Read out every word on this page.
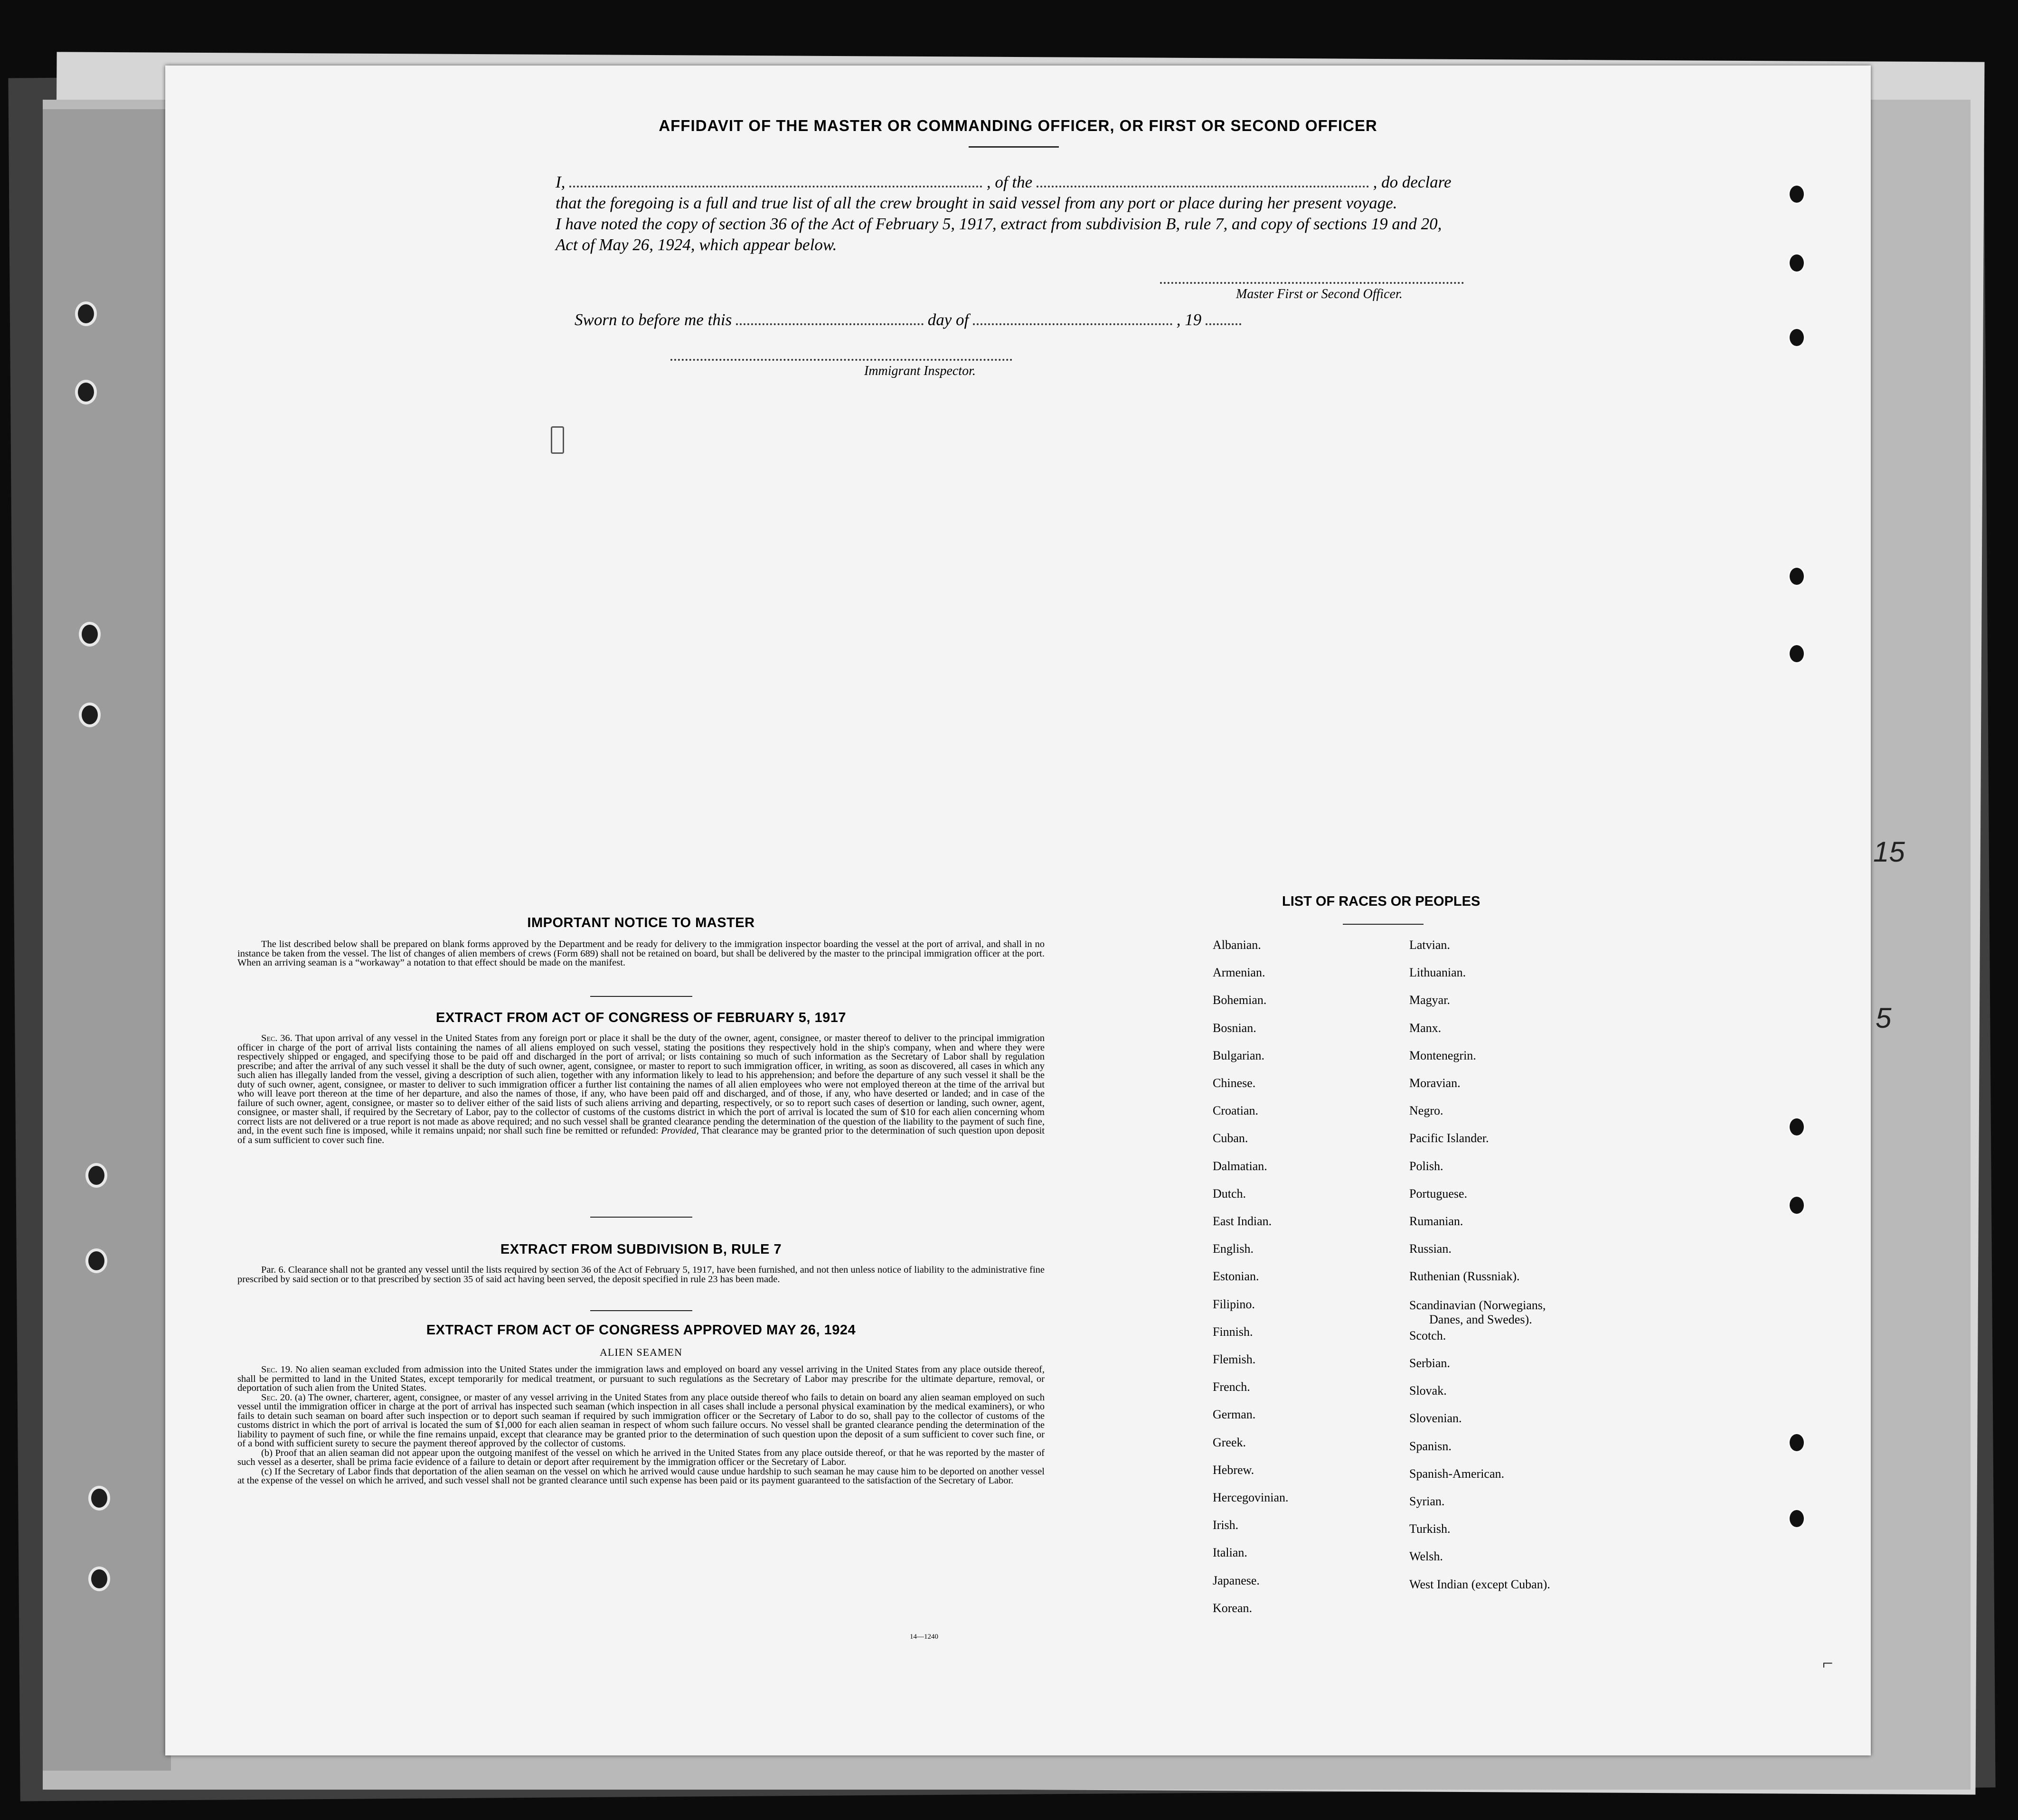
15
5
AFFIDAVIT OF THE MASTER OR COMMANDING OFFICER, OR FIRST OR SECOND OFFICER
I,	, of the	, do declare
that the foregoing is a full and true list of all the crew brought in said vessel from any port or place during her present voyage.
I have noted the copy of section 36 of the Act of February 5, 1917, extract from subdivision B, rule 7, and copy of sections 19 and 20,
Act of May 26, 1924, which appear below.
Master First or Second Officer.
Sworn to before me this	day of	, 19
Immigrant Inspector.
IMPORTANT NOTICE TO MASTER
The list described below shall be prepared on blank forms approved by the Department and be ready for delivery to the immigration inspector boarding the vessel at the port of arrival, and shall in no instance be taken from the vessel. The list of changes of alien members of crews (Form 689) shall not be retained on board, but shall be delivered by the master to the principal immigration officer at the port. When an arriving seaman is a “workaway” a notation to that effect should be made on the manifest.
EXTRACT FROM ACT OF CONGRESS OF FEBRUARY 5, 1917
Sec. 36. That upon arrival of any vessel in the United States from any foreign port or place it shall be the duty of the owner, agent, consignee, or master thereof to deliver to the principal immigration officer in charge of the port of arrival lists containing the names of all aliens employed on such vessel, stating the positions they respectively hold in the ship's company, when and where they were respectively shipped or engaged, and specifying those to be paid off and discharged in the port of arrival; or lists containing so much of such information as the Secretary of Labor shall by regulation prescribe; and after the arrival of any such vessel it shall be the duty of such owner, agent, consignee, or master to report to such immigration officer, in writing, as soon as discovered, all cases in which any such alien has illegally landed from the vessel, giving a description of such alien, together with any information likely to lead to his apprehension; and before the departure of any such vessel it shall be the duty of such owner, agent, consignee, or master to deliver to such immigration officer a further list containing the names of all alien employees who were not employed thereon at the time of the arrival but who will leave port thereon at the time of her departure, and also the names of those, if any, who have been paid off and discharged, and of those, if any, who have deserted or landed; and in case of the failure of such owner, agent, consignee, or master so to deliver either of the said lists of such aliens arriving and departing, respectively, or so to report such cases of desertion or landing, such owner, agent, consignee, or master shall, if required by the Secretary of Labor, pay to the collector of customs of the customs district in which the port of arrival is located the sum of $10 for each alien concerning whom correct lists are not delivered or a true report is not made as above required; and no such vessel shall be granted clearance pending the determination of the question of the liability to the payment of such fine, and, in the event such fine is imposed, while it remains unpaid; nor shall such fine be remitted or refunded: Provided, That clearance may be granted prior to the determination of such question upon deposit of a sum sufficient to cover such fine.
EXTRACT FROM SUBDIVISION B, RULE 7
Par. 6. Clearance shall not be granted any vessel until the lists required by section 36 of the Act of February 5, 1917, have been furnished, and not then unless notice of liability to the administrative fine prescribed by said section or to that prescribed by section 35 of said act having been served, the deposit specified in rule 23 has been made.
EXTRACT FROM ACT OF CONGRESS APPROVED MAY 26, 1924
ALIEN SEAMEN
Sec. 19. No alien seaman excluded from admission into the United States under the immigration laws and employed on board any vessel arriving in the United States from any place outside thereof, shall be permitted to land in the United States, except temporarily for medical treatment, or pursuant to such regulations as the Secretary of Labor may prescribe for the ultimate departure, removal, or deportation of such alien from the United States.
Sec. 20. (a) The owner, charterer, agent, consignee, or master of any vessel arriving in the United States from any place outside thereof who fails to detain on board any alien seaman employed on such vessel until the immigration officer in charge at the port of arrival has inspected such seaman (which inspection in all cases shall include a personal physical examination by the medical examiners), or who fails to detain such seaman on board after such inspection or to deport such seaman if required by such immigration officer or the Secretary of Labor to do so, shall pay to the collector of customs of the customs district in which the port of arrival is located the sum of $1,000 for each alien seaman in respect of whom such failure occurs. No vessel shall be granted clearance pending the determination of the liability to payment of such fine, or while the fine remains unpaid, except that clearance may be granted prior to the determination of such question upon the deposit of a sum sufficient to cover such fine, or of a bond with sufficient surety to secure the payment thereof approved by the collector of customs.
(b) Proof that an alien seaman did not appear upon the outgoing manifest of the vessel on which he arrived in the United States from any place outside thereof, or that he was reported by the master of such vessel as a deserter, shall be prima facie evidence of a failure to detain or deport after requirement by the immigration officer or the Secretary of Labor.
(c) If the Secretary of Labor finds that deportation of the alien seaman on the vessel on which he arrived would cause undue hardship to such seaman he may cause him to be deported on another vessel at the expense of the vessel on which he arrived, and such vessel shall not be granted clearance until such expense has been paid or its payment guaranteed to the satisfaction of the Secretary of Labor.
14—1240
LIST OF RACES OR PEOPLES
Albanian.
Armenian.
Bohemian.
Bosnian.
Bulgarian.
Chinese.
Croatian.
Cuban.
Dalmatian.
Dutch.
East Indian.
English.
Estonian.
Filipino.
Finnish.
Flemish.
French.
German.
Greek.
Hebrew.
Hercegovinian.
Irish.
Italian.
Japanese.
Korean.
Latvian.
Lithuanian.
Magyar.
Manx.
Montenegrin.
Moravian.
Negro.
Pacific Islander.
Polish.
Portuguese.
Rumanian.
Russian.
Ruthenian (Russniak).
Scandinavian (Norwegians,
Danes, and Swedes).
Scotch.
Serbian.
Slovak.
Slovenian.
Spanisn.
Spanish-American.
Syrian.
Turkish.
Welsh.
West Indian (except Cuban).
⌐
